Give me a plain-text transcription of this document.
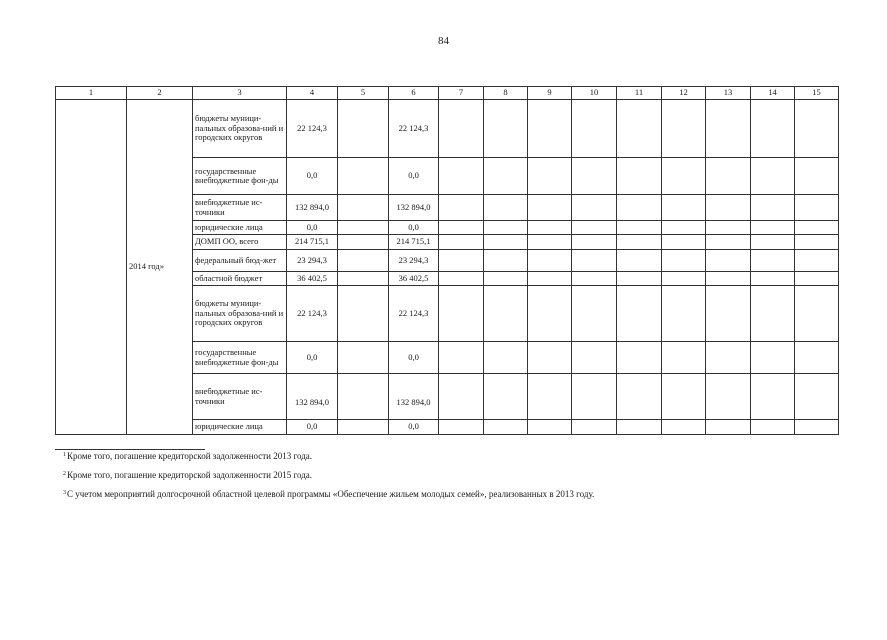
84
1	2	3	4	5	6	7	8	9	10	11	12	13	14	15
	2014 год»	бюджеты муници-пальных образова-ний и городских округов	22 124,3		22 124,3									
		государственные внебюджетные фон-ды	0,0		0,0									
		внебюджетные ис-точники	132 894,0		132 894,0									
		юридические лица	0,0		0,0									
		ДОМП ОО, всего	214 715,1		214 715,1									
		федеральный бюд-жет	23 294,3		23 294,3									
		областной бюджет	36 402,5		36 402,5									
		бюджеты муници-пальных образова-ний и городских округов	22 124,3		22 124,3									
		государственные внебюджетные фон-ды	0,0		0,0									
		внебюджетные ис-точники	132 894,0		132 894,0									
		юридические лица	0,0		0,0									
$^1$Кроме того, погашение кредиторской задолженности 2013 года.
$^2$Кроме того, погашение кредиторской задолженности 2015 года.
$^3$С учетом мероприятий долгосрочной областной целевой программы «Обеспечение жильем молодых семей», реализованных в 2013 году.
